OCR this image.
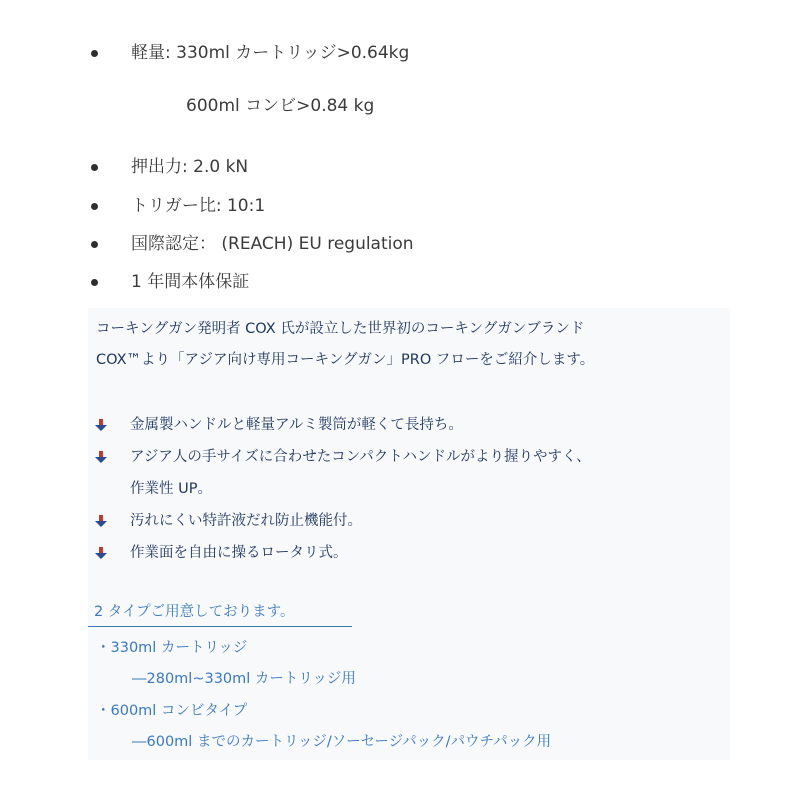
軽量: 330ml カートリッジ>0.64kg
600ml コンビ>0.84 kg
押出力: 2.0 kN
トリガー比: 10:1
国際認定： (REACH) EU regulation
1 年間本体保証
コーキングガン発明者 COX 氏が設立した世界初のコーキングガンブランド
COX™より「アジア向け専用コーキングガン」PRO フローをご紹介します。
金属製ハンドルと軽量アルミ製筒が軽くて長持ち。
アジア人の手サイズに合わせたコンパクトハンドルがより握りやすく、
作業性 UP。
汚れにくい特許液だれ防止機能付。
作業面を自由に操るロータリ式。
2 タイプご用意しております。
・330ml カートリッジ
―280ml~330ml カートリッジ用
・600ml コンビタイプ
―600ml までのカートリッジ/ソーセージパック/パウチパック用
